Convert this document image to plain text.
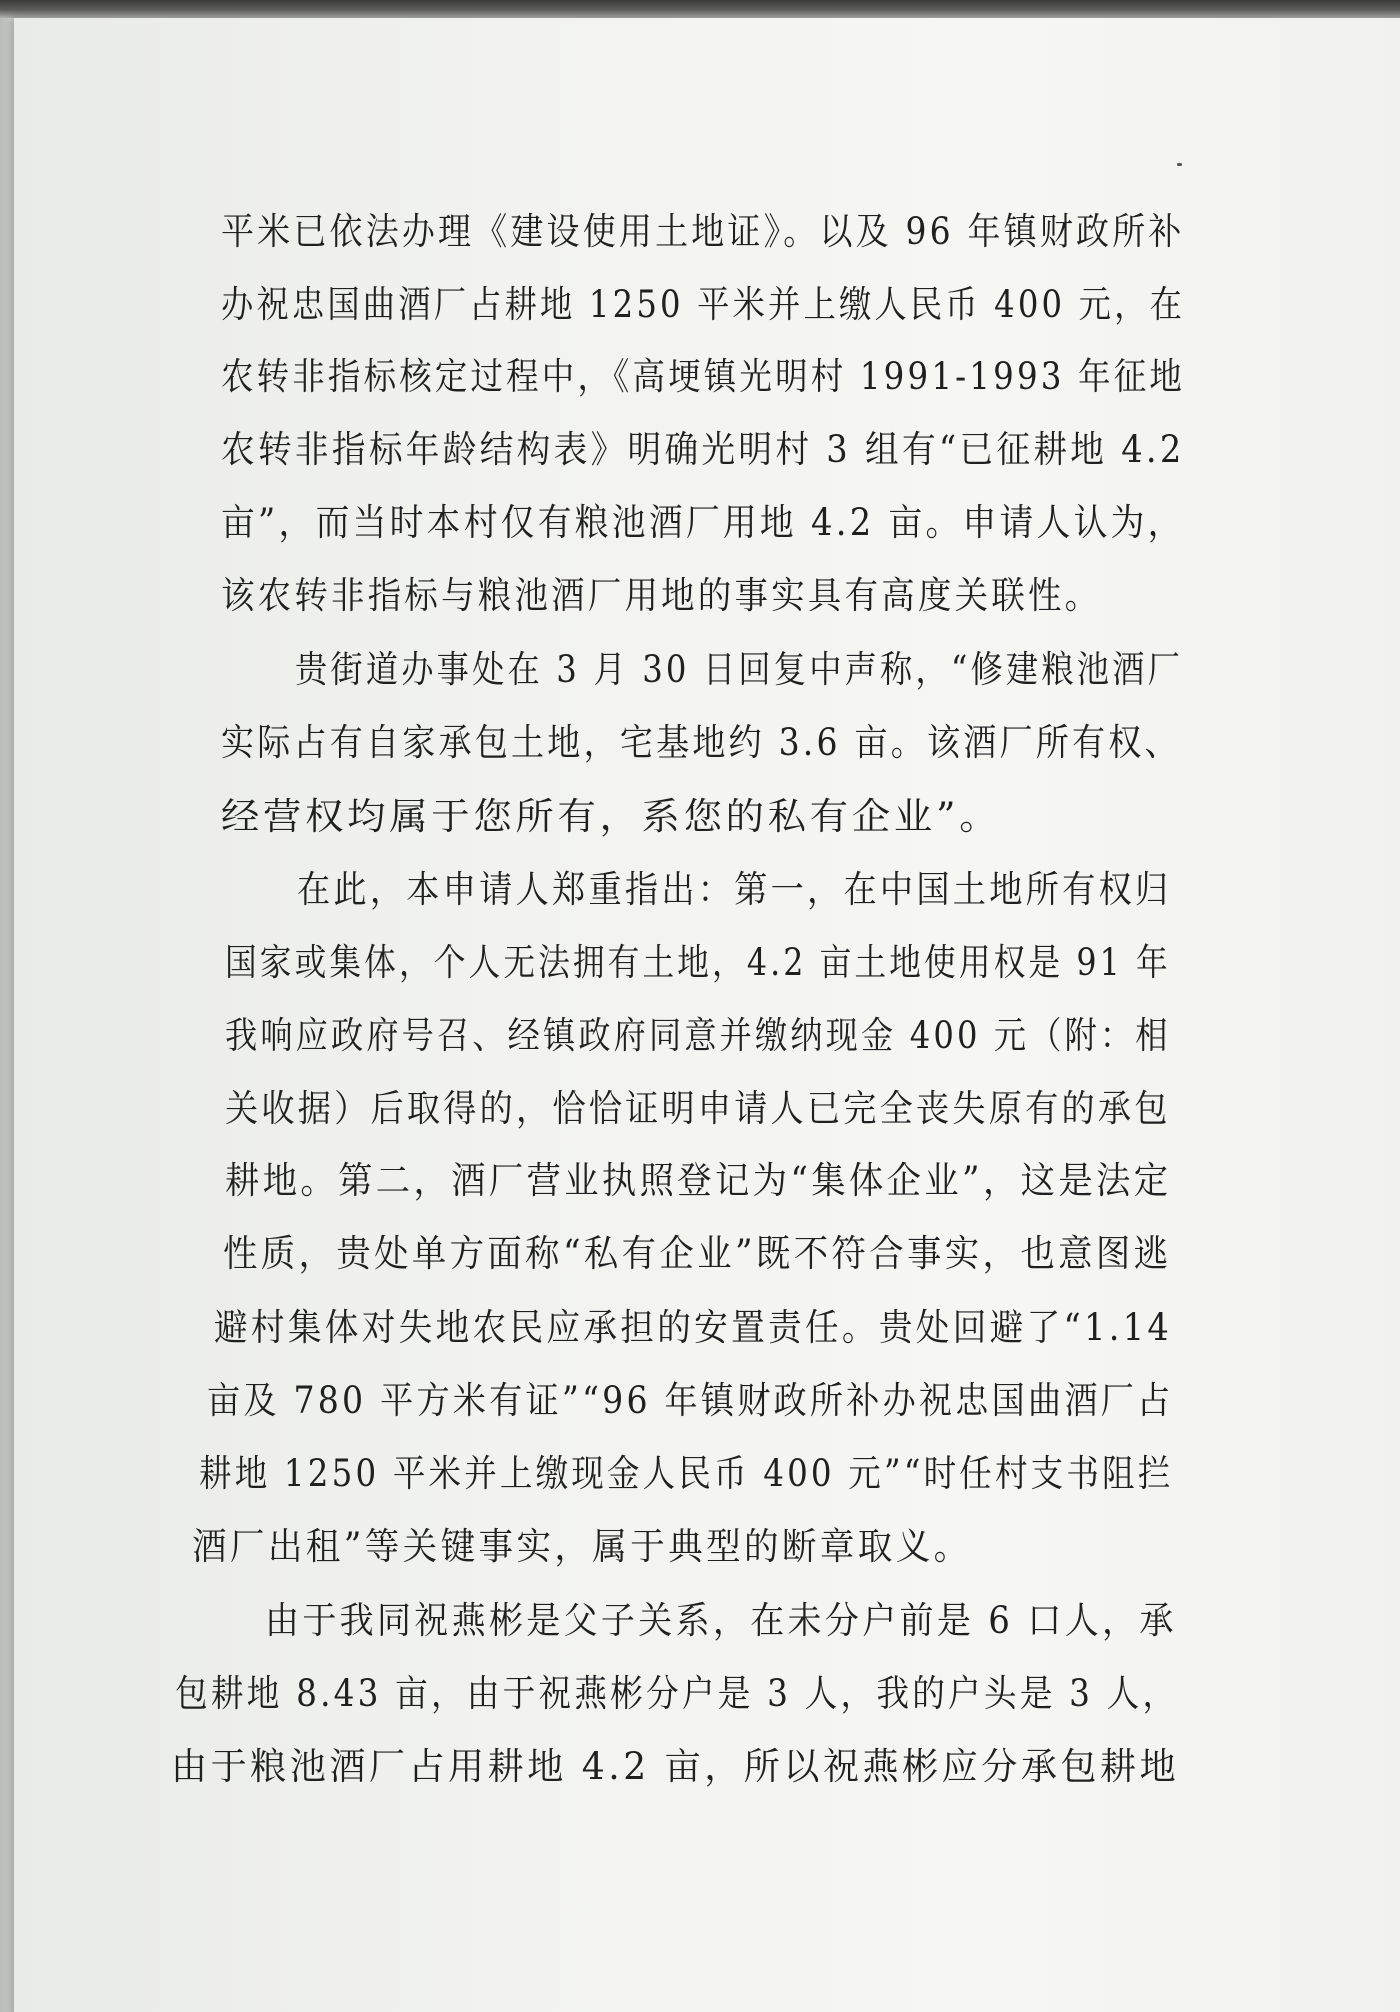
平米已依法办理《建设使用土地证》。以及 96 年镇财政所补
办祝忠国曲酒厂占耕地 1250 平米并上缴人民币 400 元，在
农转非指标核定过程中，《高埂镇光明村 1991-1993 年征地
农转非指标年龄结构表》明确光明村 3 组有“已征耕地 4.2
亩”，而当时本村仅有粮池酒厂用地 4.2 亩。申请人认为，
该农转非指标与粮池酒厂用地的事实具有高度关联性。
贵街道办事处在 3 月 30 日回复中声称，“修建粮池酒厂
实际占有自家承包土地，宅基地约 3.6 亩。该酒厂所有权、
经营权均属于您所有，系您的私有企业”。
在此，本申请人郑重指出：第一，在中国土地所有权归
国家或集体，个人无法拥有土地，4.2 亩土地使用权是 91 年
我响应政府号召、经镇政府同意并缴纳现金 400 元（附：相
关收据）后取得的，恰恰证明申请人已完全丧失原有的承包
耕地。第二，酒厂营业执照登记为“集体企业”，这是法定
性质，贵处单方面称“私有企业”既不符合事实，也意图逃
避村集体对失地农民应承担的安置责任。贵处回避了“1.14
亩及 780 平方米有证”“96 年镇财政所补办祝忠国曲酒厂占
耕地 1250 平米并上缴现金人民币 400 元”“时任村支书阻拦
酒厂出租”等关键事实，属于典型的断章取义。
由于我同祝燕彬是父子关系，在未分户前是 6 口人，承
包耕地 8.43 亩，由于祝燕彬分户是 3 人，我的户头是 3 人，
由于粮池酒厂占用耕地 4.2 亩，所以祝燕彬应分承包耕地
